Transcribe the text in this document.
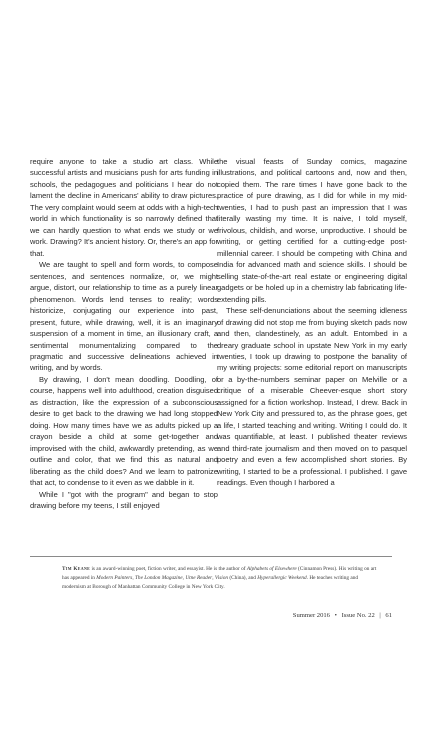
require anyone to take a studio art class. While successful artists and musicians push for arts funding in schools, the pedagogues and politicians I hear do not lament the decline in Americans' ability to draw pictures. The very complaint would seem at odds with a high-tech world in which functionality is so narrowly defined that we can hardly question to what ends we study or we work. Drawing? It's ancient history. Or, there's an app for that.

We are taught to spell and form words, to compose sentences, and sentences normalize, or, we might argue, distort, our relationship to time as a purely linear phenomenon. Words lend tenses to reality; words historicize, conjugating our experience into past, present, future, while drawing, well, it is an imaginary suspension of a moment in time, an illusionary craft, a sentimental monumentalizing compared to the pragmatic and successive delineations achieved in writing, and by words.

By drawing, I don't mean doodling. Doodling, of course, happens well into adulthood, creation disguised as distraction, like the expression of a subconscious desire to get back to the drawing we had long stopped doing. How many times have we as adults picked up a crayon beside a child at some get-together and improvised with the child, awkwardly pretending, as we outline and color, that we find this as natural and liberating as the child does? And we learn to patronize that act, to condense to it even as we dabble in it.

While I "got with the program" and began to stop drawing before my teens, I still enjoyed

the visual feasts of Sunday comics, magazine illustrations, and political cartoons and, now and then, copied them. The rare times I have gone back to the practice of pure drawing, as I did for while in my mid-twenties, I had to push past an impression that I was literally wasting my time. It is naive, I told myself, frivolous, childish, and worse, unproductive. I should be writing, or getting certified for a cutting-edge post-millennial career. I should be competing with China and India for advanced math and science skills. I should be selling state-of-the-art real estate or engineering digital gadgets or be holed up in a chemistry lab fabricating life-extending pills.

These self-denunciations about the seeming idleness of drawing did not stop me from buying sketch pads now and then, clandestinely, as an adult. Entombed in a dreary graduate school in upstate New York in my early twenties, I took up drawing to postpone the banality of my writing projects: some editorial report on manuscripts or a by-the-numbers seminar paper on Melville or a critique of a miserable Cheever-esque short story assigned for a fiction workshop. Instead, I drew. Back in New York City and pressured to, as the phrase goes, get a life, I started teaching and writing. Writing I could do. It was quantifiable, at least. I published theater reviews and third-rate journalism and then moved on to pasquel poetry and even a few accomplished short stories. By writing, I started to be a professional. I published. I gave readings. Even though I harbored a

Tim Keane is an award-winning poet, fiction writer, and essayist. He is the author of Alphabets of Elsewhere (Cinnamon Press). His writing on art has appeared in Modern Painters, The London Magazine, Utne Reader, Vision (China), and Hyperallergic Weekend. He teaches writing and modernism at Borough of Manhattan Community College in New York City.
Summer 2016 • Issue No. 22 | 61
